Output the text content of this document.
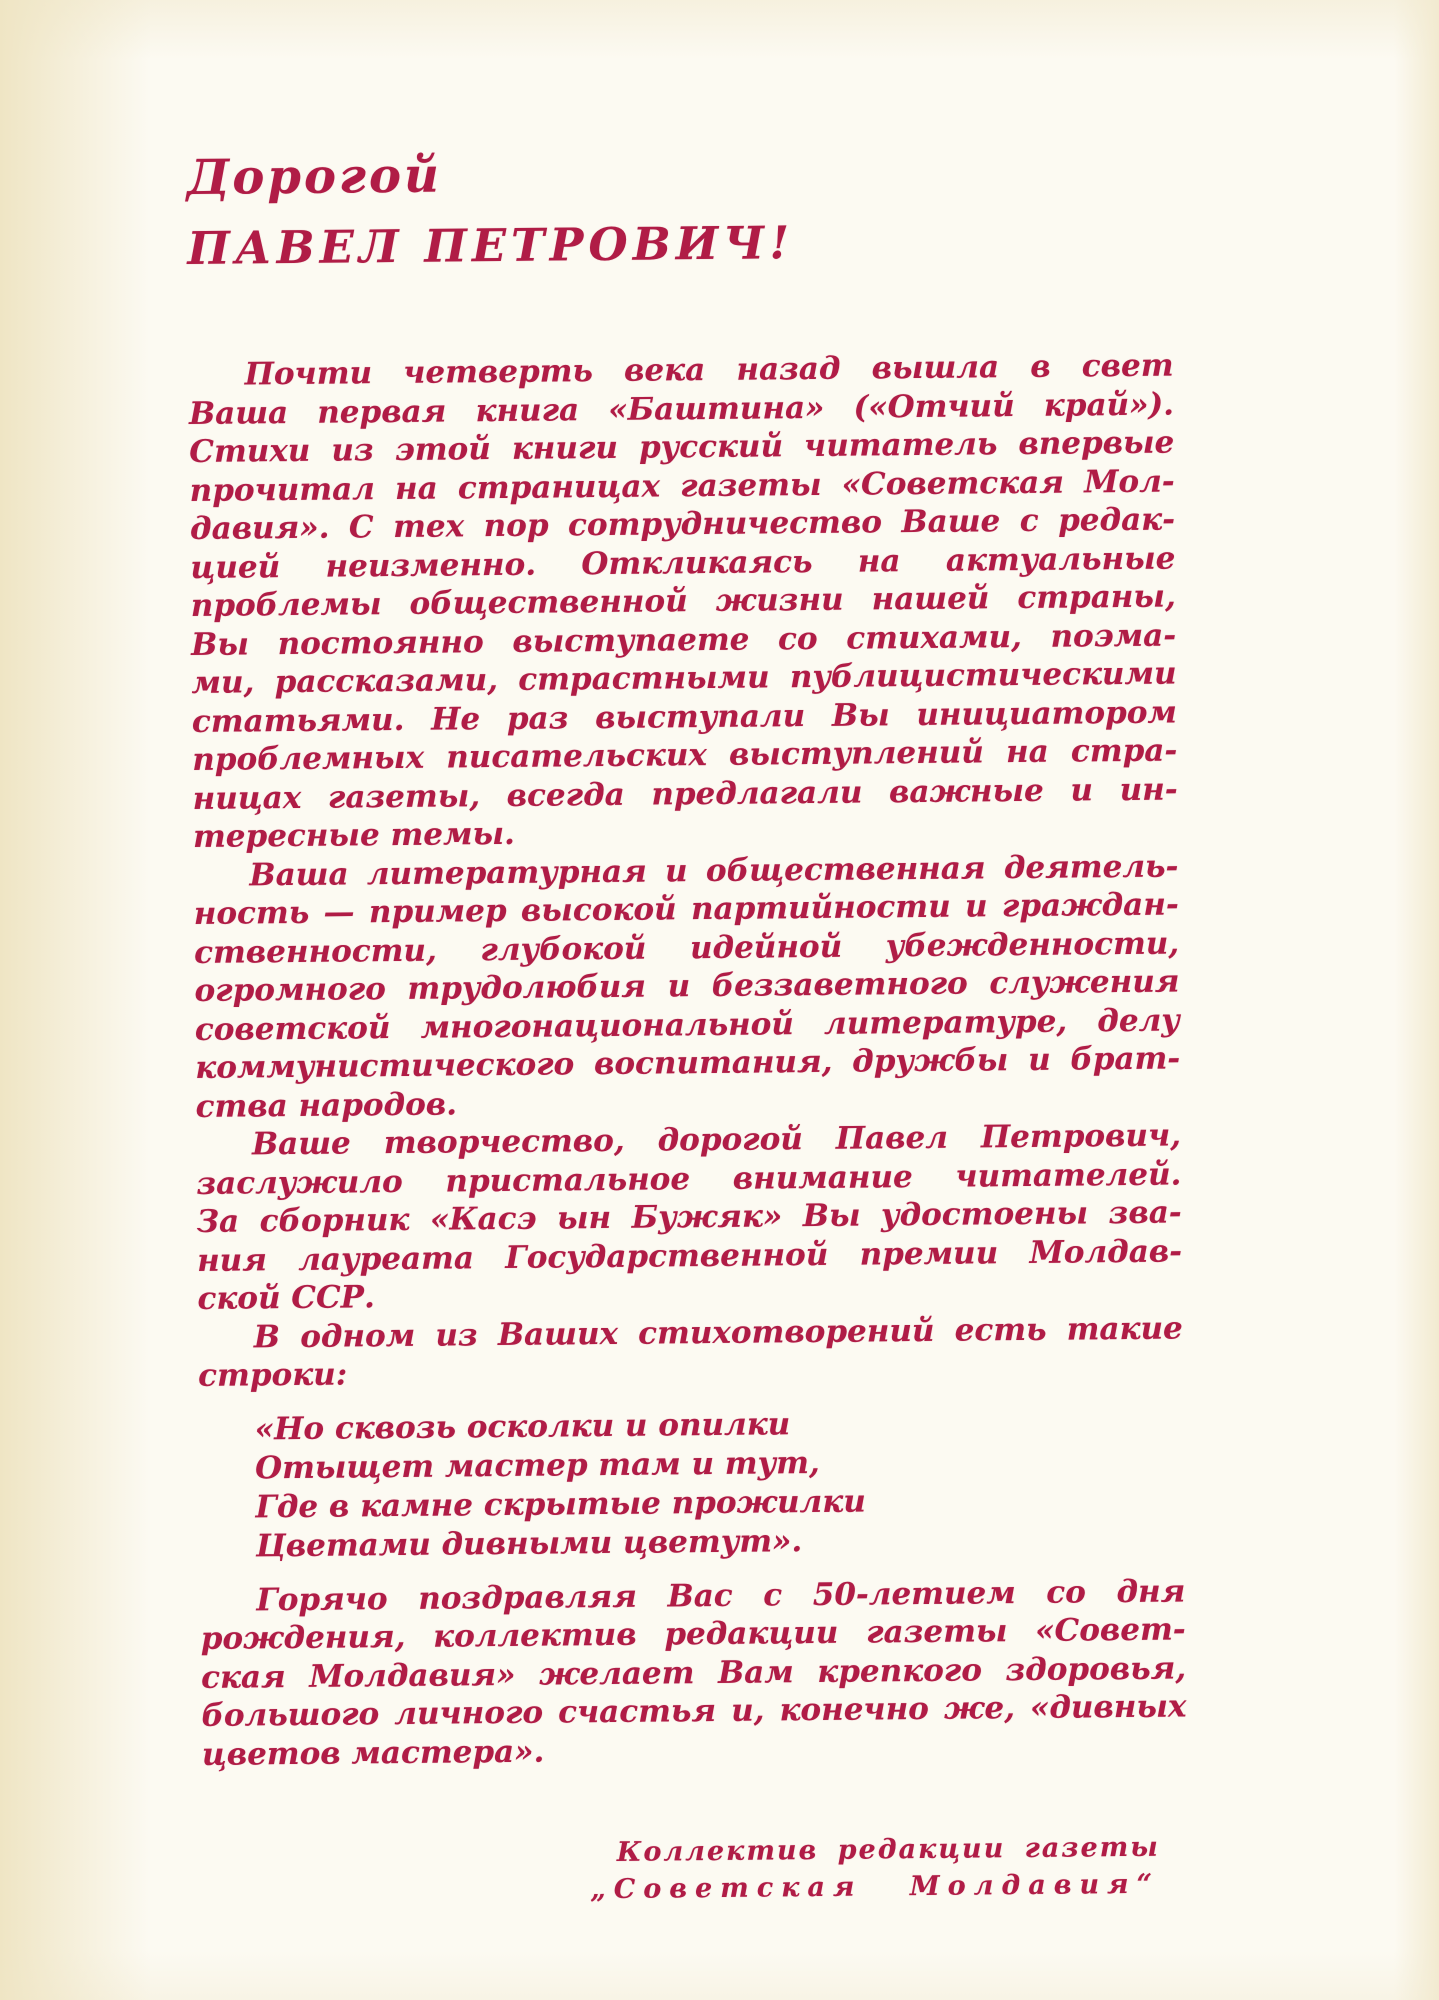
Дорогой
ПАВЕЛ ПЕТРОВИЧ!
Почти четверть века назад вышла в свет
Ваша первая книга «Баштина» («Отчий край»).
Стихи из этой книги русский читатель впервые
прочитал на страницах газеты «Советская Мол-
давия». С тех пор сотрудничество Ваше с редак-
цией неизменно. Откликаясь на актуальные
проблемы общественной жизни нашей страны,
Вы постоянно выступаете со стихами, поэма-
ми, рассказами, страстными публицистическими
статьями. Не раз выступали Вы инициатором
проблемных писательских выступлений на стра-
ницах газеты, всегда предлагали важные и ин-
тересные темы.
Ваша литературная и общественная деятель-
ность — пример высокой партийности и граждан-
ственности, глубокой идейной убежденности,
огромного трудолюбия и беззаветного служения
советской многонациональной литературе, делу
коммунистического воспитания, дружбы и брат-
ства народов.
Ваше творчество, дорогой Павел Петрович,
заслужило пристальное внимание читателей.
За сборник «Касэ ын Бужяк» Вы удостоены зва-
ния лауреата Государственной премии Молдав-
ской ССР.
В одном из Ваших стихотворений есть такие
строки:
«Но сквозь осколки и опилки
Отыщет мастер там и тут,
Где в камне скрытые прожилки
Цветами дивными цветут».
Горячо поздравляя Вас с 50-летием со дня
рождения, коллектив редакции газеты «Совет-
ская Молдавия» желает Вам крепкого здоровья,
большого личного счастья и, конечно же, «дивных
цветов мастера».
Коллектив редакции газеты
„Советская Молдавия“
